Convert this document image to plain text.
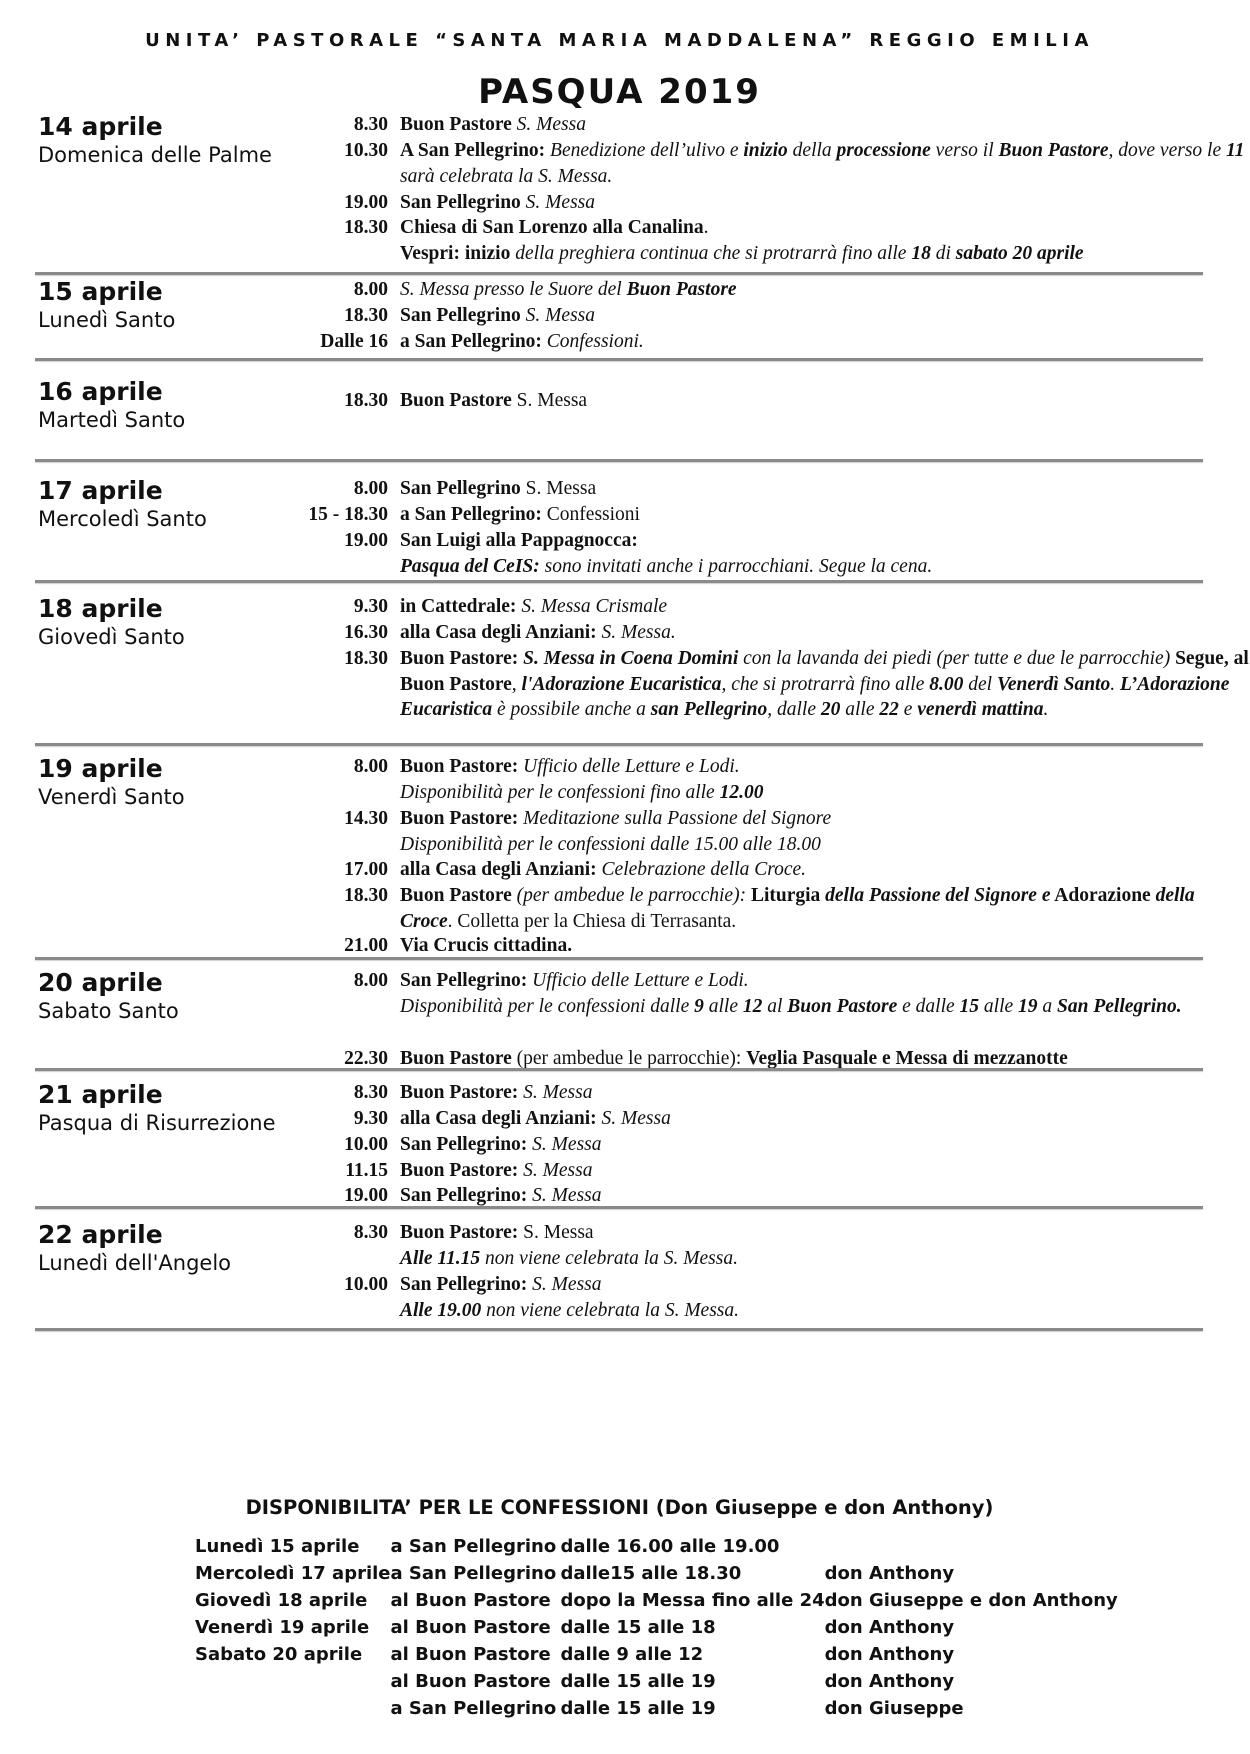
UNITA’ PASTORALE “SANTA MARIA MADDALENA” REGGIO EMILIA
PASQUA 2019
14 aprile
Domenica delle Palme
8.30 Buon Pastore S. Messa
10.30 A San Pellegrino: Benedizione dell’ulivo e inizio della processione verso il Buon Pastore, dove verso le 11 sarà celebrata la S. Messa.
19.00 San Pellegrino S. Messa
18.30 Chiesa di San Lorenzo alla Canalina.
Vespri: inizio della preghiera continua che si protrarrà fino alle 18 di sabato 20 aprile
15 aprile
Lunedì Santo
8.00 S. Messa presso le Suore del Buon Pastore
18.30 San Pellegrino S. Messa
Dalle 16 a San Pellegrino: Confessioni.
16 aprile
Martedì Santo
18.30 Buon Pastore S. Messa
17 aprile
Mercoledì Santo
8.00 San Pellegrino S. Messa
15 - 18.30 a San Pellegrino: Confessioni
19.00 San Luigi alla Pappagnocca:
Pasqua del CeIS: sono invitati anche i parrocchiani. Segue la cena.
18 aprile
Giovedì Santo
9.30 in Cattedrale: S. Messa Crismale
16.30 alla Casa degli Anziani: S. Messa.
18.30 Buon Pastore: S. Messa in Coena Domini con la lavanda dei piedi (per tutte e due le parrocchie) Segue, al Buon Pastore, l'Adorazione Eucaristica, che si protrarrà fino alle 8.00 del Venerdì Santo. L’Adorazione Eucaristica è possibile anche a san Pellegrino, dalle 20 alle 22 e venerdì mattina.
19 aprile
Venerdì Santo
8.00 Buon Pastore: Ufficio delle Letture e Lodi.
Disponibilità per le confessioni fino alle 12.00
14.30 Buon Pastore: Meditazione sulla Passione del Signore
Disponibilità per le confessioni dalle 15.00 alle 18.00
17.00 alla Casa degli Anziani: Celebrazione della Croce.
18.30 Buon Pastore (per ambedue le parrocchie): Liturgia della Passione del Signore e Adorazione della Croce. Colletta per la Chiesa di Terrasanta.
21.00 Via Crucis cittadina.
20 aprile
Sabato Santo
8.00 San Pellegrino: Ufficio delle Letture e Lodi.
Disponibilità per le confessioni dalle 9 alle 12 al Buon Pastore e dalle 15 alle 19 a San Pellegrino.
22.30 Buon Pastore (per ambedue le parrocchie): Veglia Pasquale e Messa di mezzanotte
21 aprile
Pasqua di Risurrezione
8.30 Buon Pastore: S. Messa
9.30 alla Casa degli Anziani: S. Messa
10.00 San Pellegrino: S. Messa
11.15 Buon Pastore: S. Messa
19.00 San Pellegrino: S. Messa
22 aprile
Lunedì dell'Angelo
8.30 Buon Pastore: S. Messa
Alle 11.15 non viene celebrata la S. Messa.
10.00 San Pellegrino: S. Messa
Alle 19.00 non viene celebrata la S. Messa.
DISPONIBILITA’ PER LE CONFESSIONI (Don Giuseppe e don Anthony)
Lunedì 15 aprile	a San Pellegrino	dalle 16.00 alle 19.00	
Mercoledì 17 aprile	a San Pellegrino	dalle15 alle 18.30	don Anthony
Giovedì 18 aprile	al Buon Pastore	dopo la Messa fino alle 24	don Giuseppe e don Anthony
Venerdì 19 aprile	al Buon Pastore	dalle 15 alle 18	don Anthony
Sabato 20 aprile	al Buon Pastore	dalle 9 alle 12	don Anthony
	al Buon Pastore	dalle 15 alle 19	don Anthony
	a San Pellegrino	dalle 15 alle 19	don Giuseppe
